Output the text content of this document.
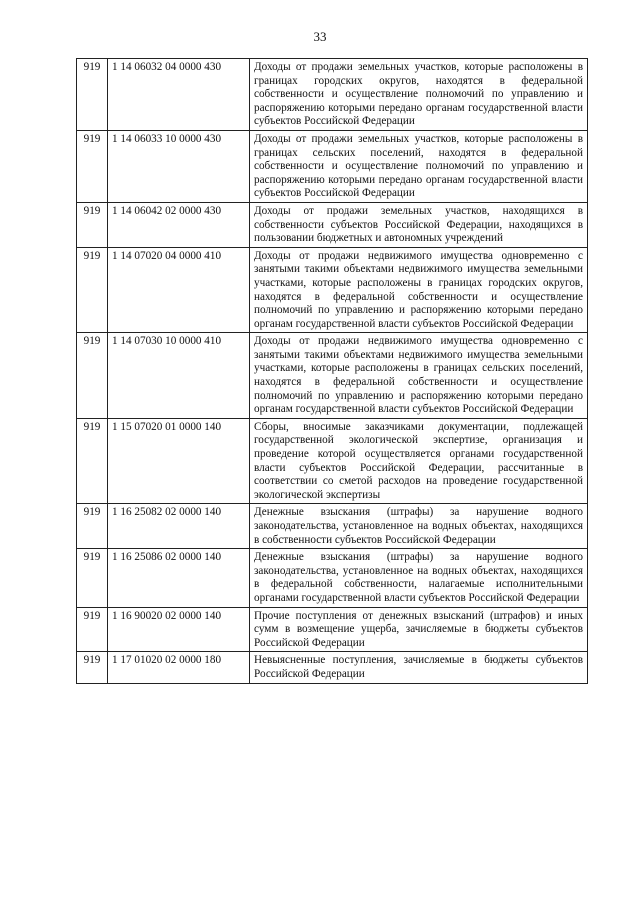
33
919	1 14 06032 04 0000 430	Доходы от продажи земельных участков, которые расположены в границах городских округов, находятся в федеральной собственности и осуществление полномочий по управлению и распоряжению которыми передано органам государственной власти субъектов Российской Федерации
919	1 14 06033 10 0000 430	Доходы от продажи земельных участков, которые расположены в границах сельских поселений, находятся в федеральной собственности и осуществление полномочий по управлению и распоряжению которыми передано органам государственной власти субъектов Российской Федерации
919	1 14 06042 02 0000 430	Доходы от продажи земельных участков, находящихся в собственности субъектов Российской Федерации, находящихся в пользовании бюджетных и автономных учреждений
919	1 14 07020 04 0000 410	Доходы от продажи недвижимого имущества одновременно с занятыми такими объектами недвижимого имущества земельными участками, которые расположены в границах городских округов, находятся в федеральной собственности и осуществление полномочий по управлению и распоряжению которыми передано органам государственной власти субъектов Российской Федерации
919	1 14 07030 10 0000 410	Доходы от продажи недвижимого имущества одновременно с занятыми такими объектами недвижимого имущества земельными участками, которые расположены в границах сельских поселений, находятся в федеральной собственности и осуществление полномочий по управлению и распоряжению которыми передано органам государственной власти субъектов Российской Федерации
919	1 15 07020 01 0000 140	Сборы, вносимые заказчиками документации, подлежащей государственной экологической экспертизе, организация и проведение которой осуществляется органами государственной власти субъектов Российской Федерации, рассчитанные в соответствии со сметой расходов на проведение государственной экологической экспертизы
919	1 16 25082 02 0000 140	Денежные взыскания (штрафы) за нарушение водного законодательства, установленное на водных объектах, находящихся в собственности субъектов Российской Федерации
919	1 16 25086 02 0000 140	Денежные взыскания (штрафы) за нарушение водного законодательства, установленное на водных объектах, находящихся в федеральной собственности, налагаемые исполнительными органами государственной власти субъектов Российской Федерации
919	1 16 90020 02 0000 140	Прочие поступления от денежных взысканий (штрафов) и иных сумм в возмещение ущерба, зачисляемые в бюджеты субъектов Российской Федерации
919	1 17 01020 02 0000 180	Невыясненные поступления, зачисляемые в бюджеты субъектов Российской Федерации
